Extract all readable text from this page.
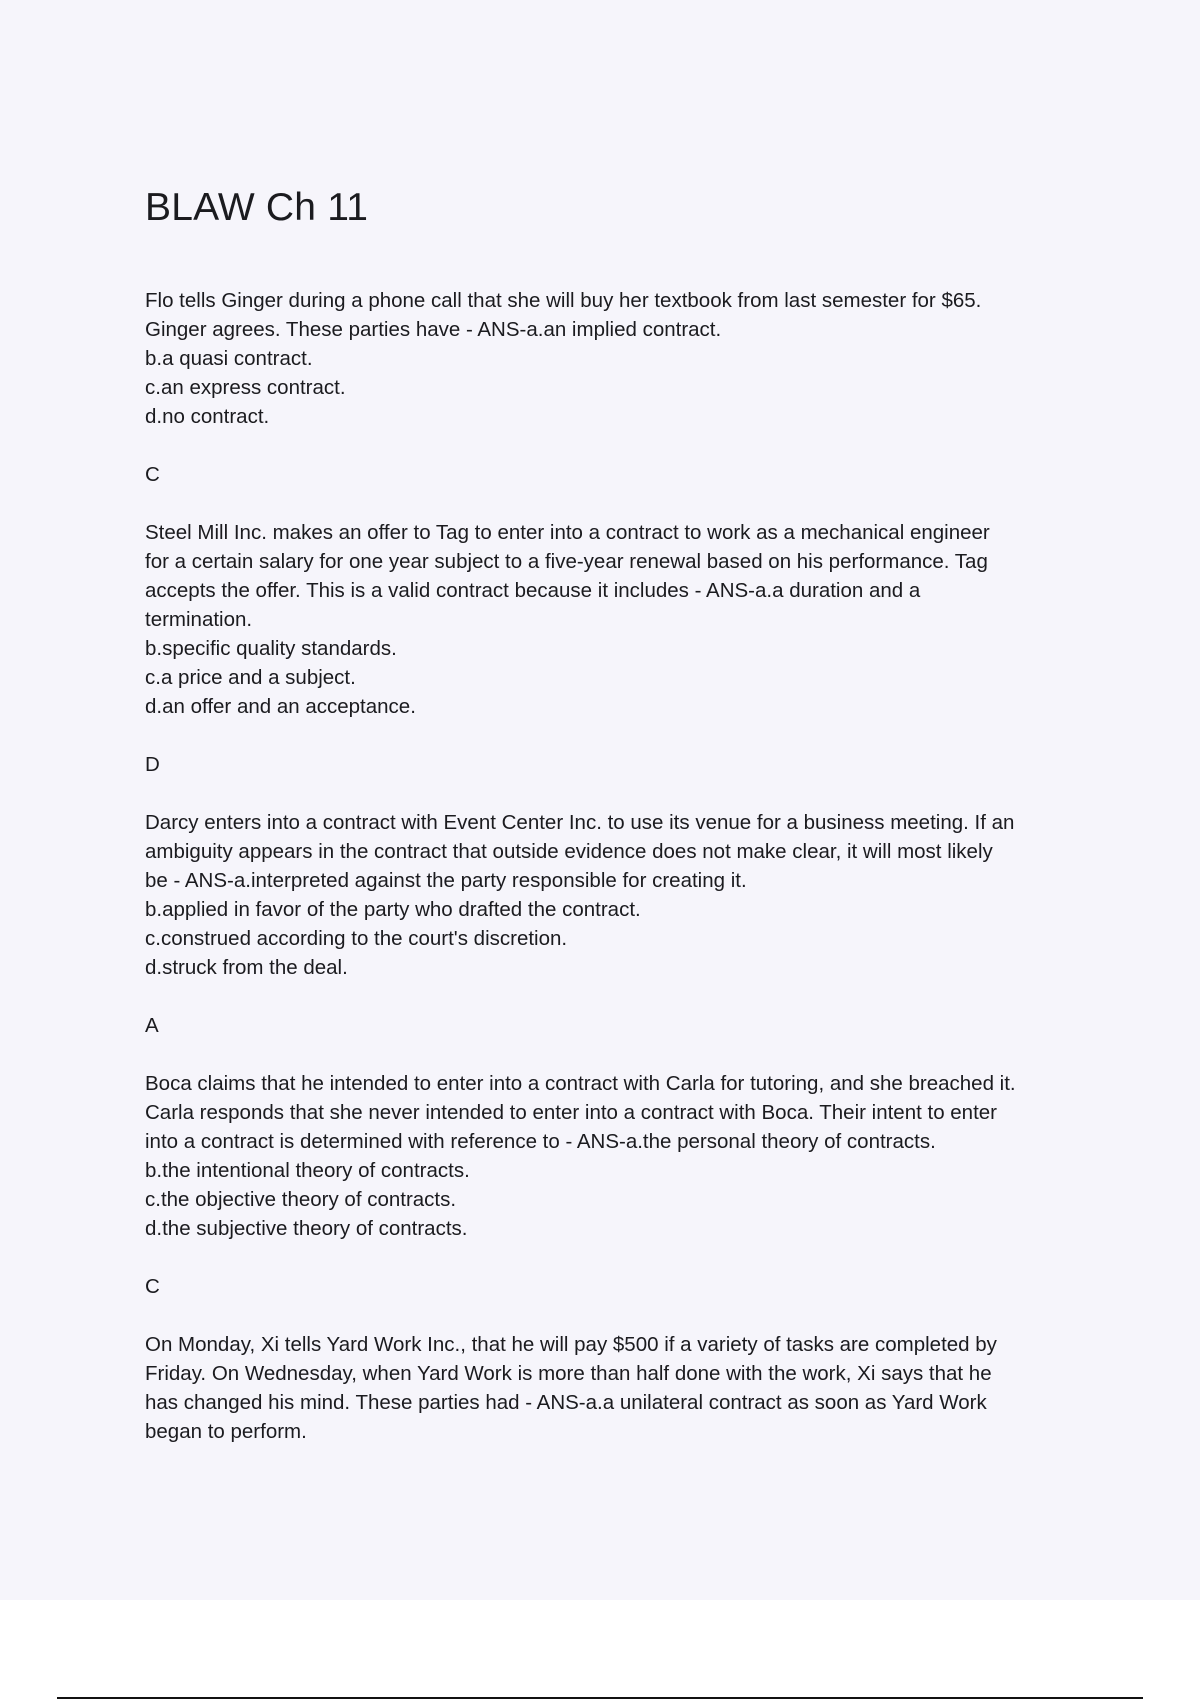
BLAW Ch 11

Flo tells Ginger during a phone call that she will buy her textbook from last semester for $65.
Ginger agrees. These parties have - ANS-a.an implied contract.
b.a quasi contract.
c.an express contract.
d.no contract.

C

Steel Mill Inc. makes an offer to Tag to enter into a contract to work as a mechanical engineer
for a certain salary for one year subject to a five-year renewal based on his performance. Tag
accepts the offer. This is a valid contract because it includes - ANS-a.a duration and a
termination.
b.specific quality standards.
c.a price and a subject.
d.an offer and an acceptance.

D

Darcy enters into a contract with Event Center Inc. to use its venue for a business meeting. If an
ambiguity appears in the contract that outside evidence does not make clear, it will most likely
be - ANS-a.interpreted against the party responsible for creating it.
b.applied in favor of the party who drafted the contract.
c.construed according to the court's discretion.
d.struck from the deal.

A

Boca claims that he intended to enter into a contract with Carla for tutoring, and she breached it.
Carla responds that she never intended to enter into a contract with Boca. Their intent to enter
into a contract is determined with reference to - ANS-a.the personal theory of contracts.
b.the intentional theory of contracts.
c.the objective theory of contracts.
d.the subjective theory of contracts.

C

On Monday, Xi tells Yard Work Inc., that he will pay $500 if a variety of tasks are completed by
Friday. On Wednesday, when Yard Work is more than half done with the work, Xi says that he
has changed his mind. These parties had - ANS-a.a unilateral contract as soon as Yard Work
began to perform.
